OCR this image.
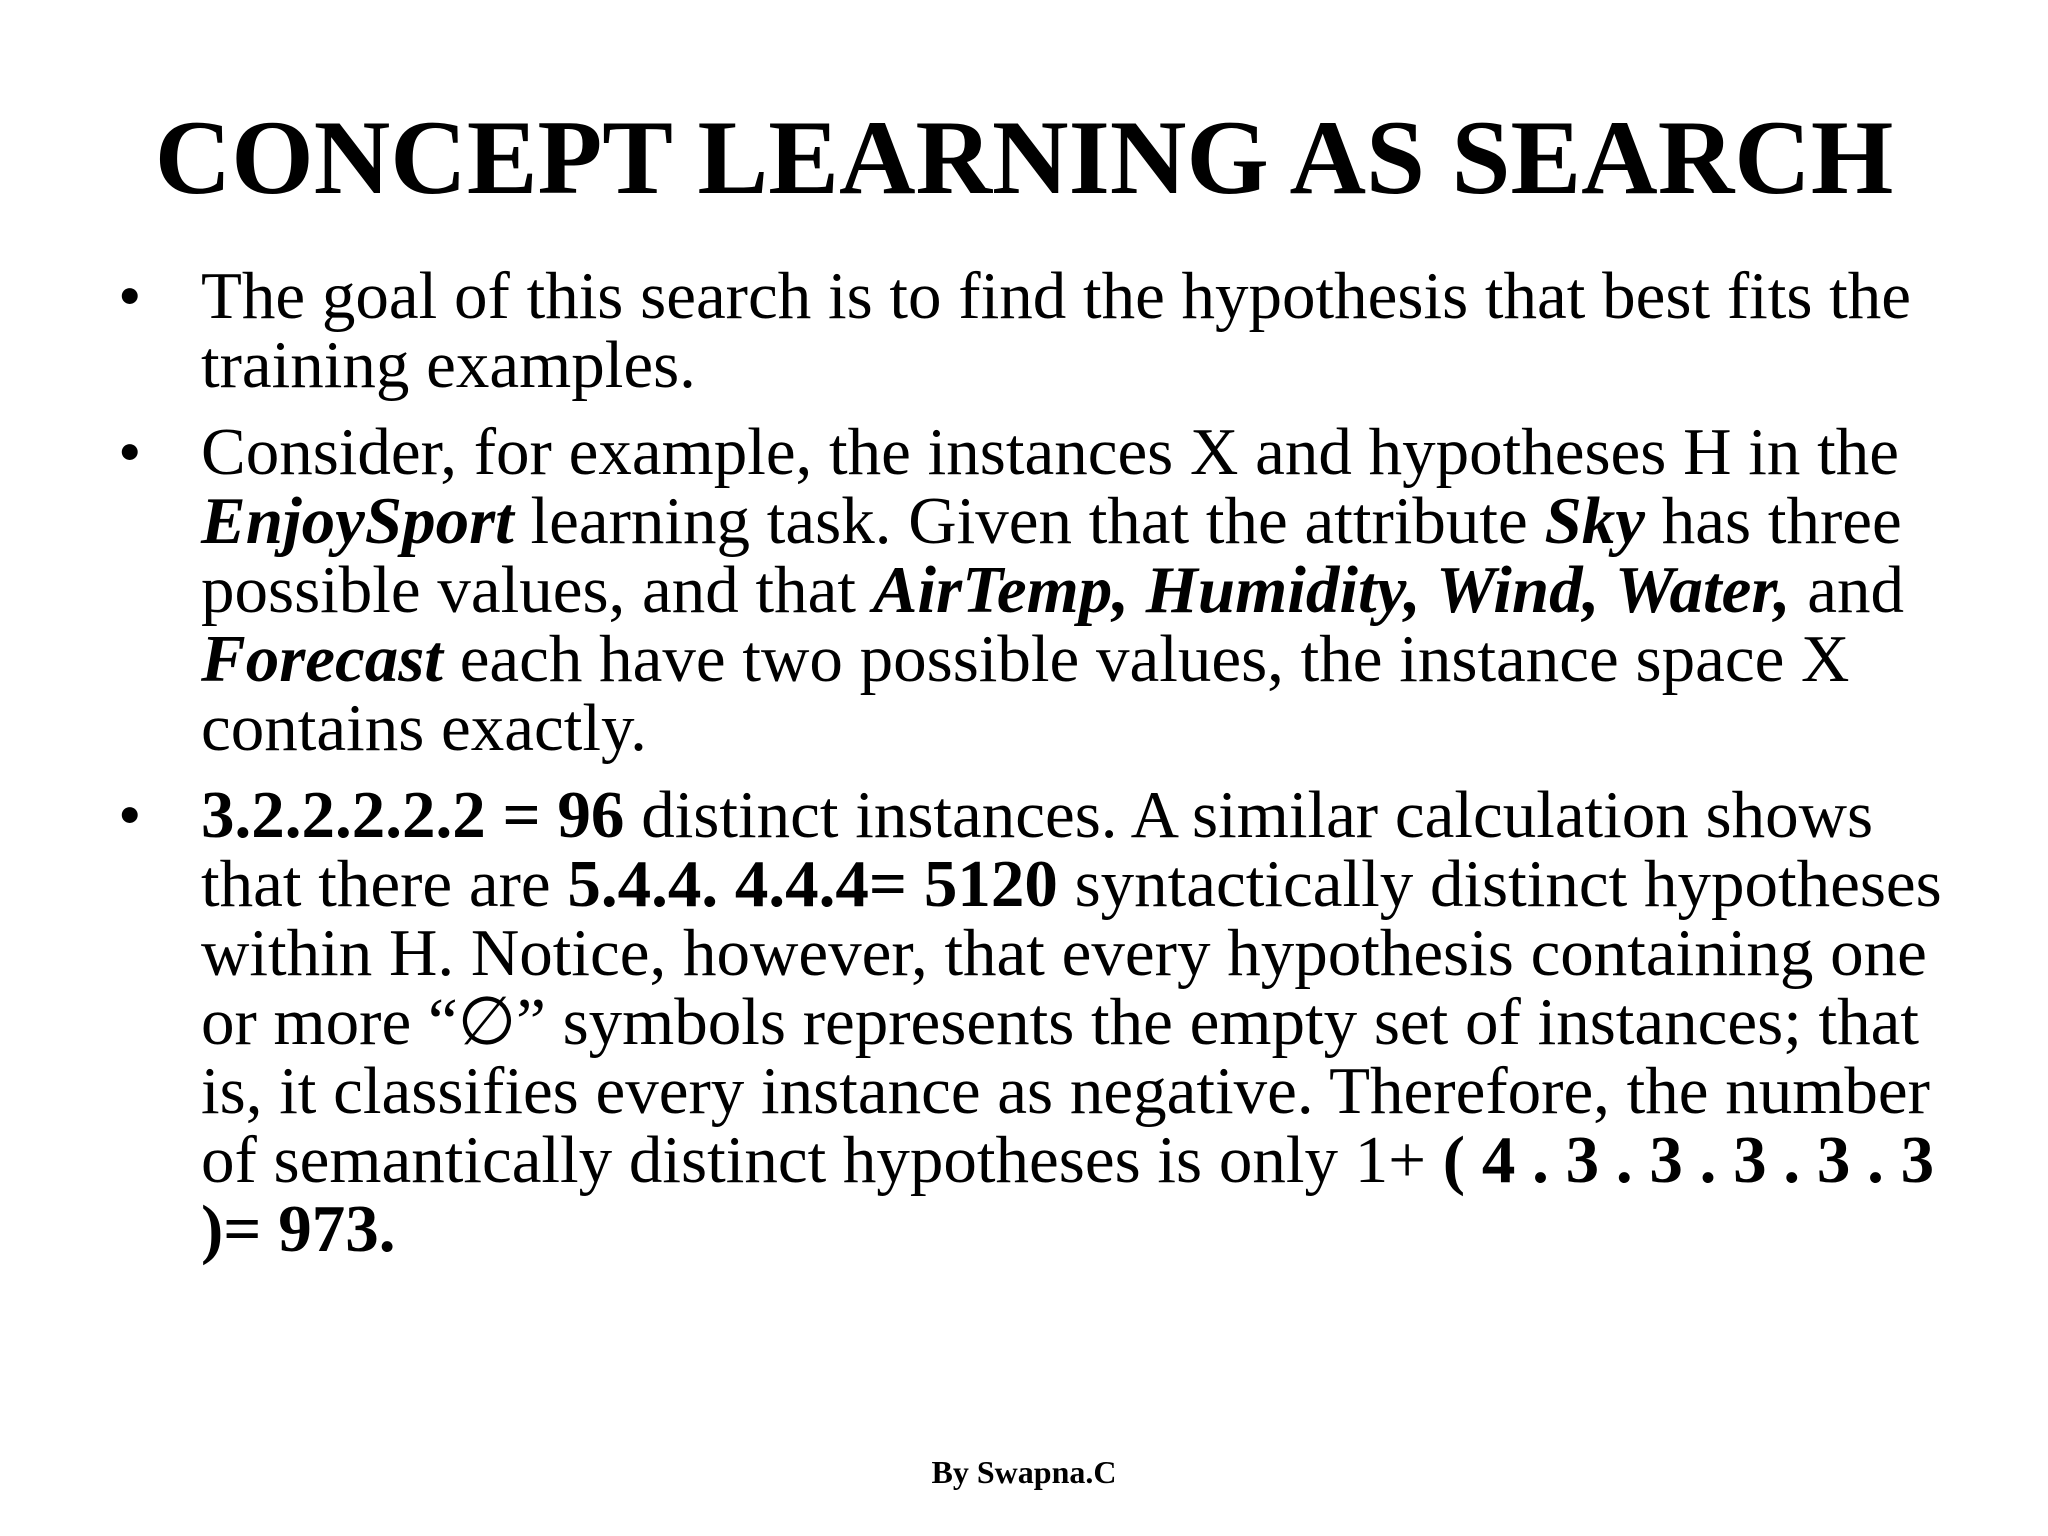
CONCEPT LEARNING AS SEARCH
• The goal of this search is to find the hypothesis that best fits the training examples.
• Consider, for example, the instances X and hypotheses H in the EnjoySport learning task. Given that the attribute Sky has three possible values, and that AirTemp, Humidity, Wind, Water, and Forecast each have two possible values, the instance space X contains exactly.
• 3.2.2.2.2.2 = 96 distinct instances. A similar calculation shows that there are 5.4.4. 4.4.4= 5120 syntactically distinct hypotheses within H. Notice, however, that every hypothesis containing one or more “∅” symbols represents the empty set of instances; that is, it classifies every instance as negative. Therefore, the number of semantically distinct hypotheses is only 1+ ( 4 . 3 . 3 . 3 . 3 . 3 )= 973.
By Swapna.C
